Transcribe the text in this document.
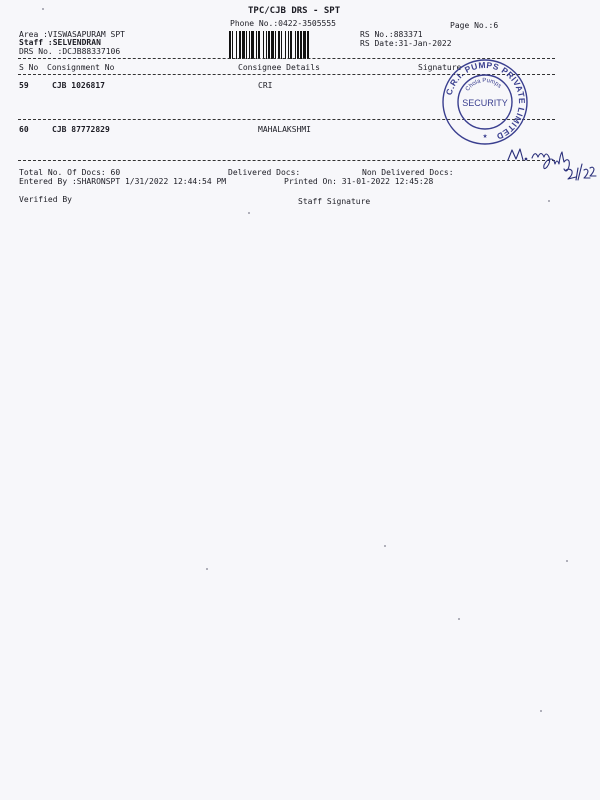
TPC/CJB DRS - SPT
Phone No.:0422-3505555	Page No.:6
Area :VISWASAPURAM SPT
Staff :SELVENDRAN
DRS No. :DCJB88337106
RS No.:883371
RS Date:31-Jan-2022
S No Consignment No	Consignee Details	Signature
59	CJB 1026817	CRI
60	CJB 87772829	MAHALAKSHMI
Total No. Of Docs: 60	Delivered Docs:	Non Delivered Docs:
Entered By :SHARONSPT 1/31/2022 12:44:54 PM	Printed On: 31-01-2022 12:45:28
Verified By	Staff Signature
C.R.I. PUMPS PRIVATE LIMITED
Chola Pumps
SECURITY
★
